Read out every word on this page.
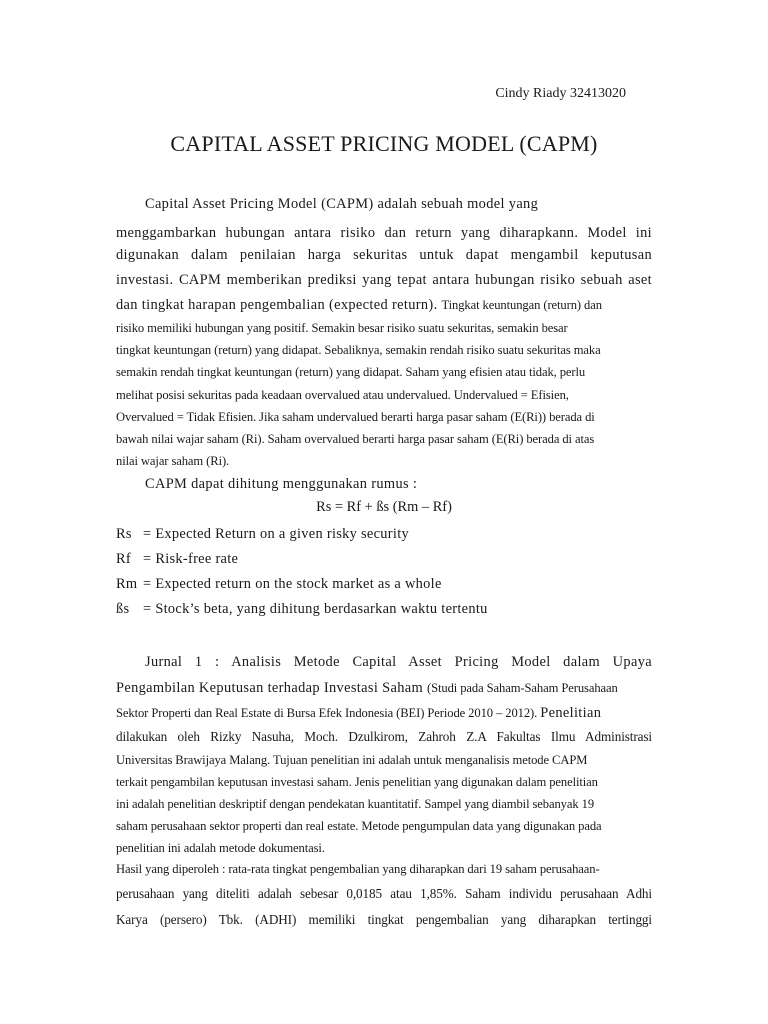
Cindy Riady 32413020
CAPITAL ASSET PRICING MODEL (CAPM)
Capital Asset Pricing Model (CAPM) adalah sebuah model yang
menggambarkan hubungan antara risiko dan return yang diharapkann. Model ini
digunakan dalam penilaian harga sekuritas untuk dapat mengambil keputusan
investasi. CAPM memberikan prediksi yang tepat antara hubungan risiko sebuah aset
dan tingkat harapan pengembalian (expected return). Tingkat keuntungan (return) dan
risiko memiliki hubungan yang positif. Semakin besar risiko suatu sekuritas, semakin besar
tingkat keuntungan (return) yang didapat. Sebaliknya, semakin rendah risiko suatu sekuritas maka
semakin rendah tingkat keuntungan (return) yang didapat. Saham yang efisien atau tidak, perlu
melihat posisi sekuritas pada keadaan overvalued atau undervalued. Undervalued = Efisien,
Overvalued = Tidak Efisien. Jika saham undervalued berarti harga pasar saham (E(Ri)) berada di
bawah nilai wajar saham (Ri). Saham overvalued berarti harga pasar saham (E(Ri) berada di atas
nilai wajar saham (Ri).
CAPM dapat dihitung menggunakan rumus :
Rs = Rf + ßs (Rm – Rf)
Rs = Expected Return on a given risky security
Rf = Risk-free rate
Rm = Expected return on the stock market as a whole
ßs = Stock’s beta, yang dihitung berdasarkan waktu tertentu
Jurnal 1 : Analisis Metode Capital Asset Pricing Model dalam Upaya
Pengambilan Keputusan terhadap Investasi Saham (Studi pada Saham-Saham Perusahaan
Sektor Properti dan Real Estate di Bursa Efek Indonesia (BEI) Periode 2010 – 2012). Penelitian
dilakukan oleh Rizky Nasuha, Moch. Dzulkirom, Zahroh Z.A Fakultas Ilmu Administrasi
Universitas Brawijaya Malang. Tujuan penelitian ini adalah untuk menganalisis metode CAPM
terkait pengambilan keputusan investasi saham. Jenis penelitian yang digunakan dalam penelitian
ini adalah penelitian deskriptif dengan pendekatan kuantitatif. Sampel yang diambil sebanyak 19
saham perusahaan sektor properti dan real estate. Metode pengumpulan data yang digunakan pada
penelitian ini adalah metode dokumentasi.
Hasil yang diperoleh : rata-rata tingkat pengembalian yang diharapkan dari 19 saham perusahaan-
perusahaan yang diteliti adalah sebesar 0,0185 atau 1,85%. Saham individu perusahaan Adhi
Karya (persero) Tbk. (ADHI) memiliki tingkat pengembalian yang diharapkan tertinggi
